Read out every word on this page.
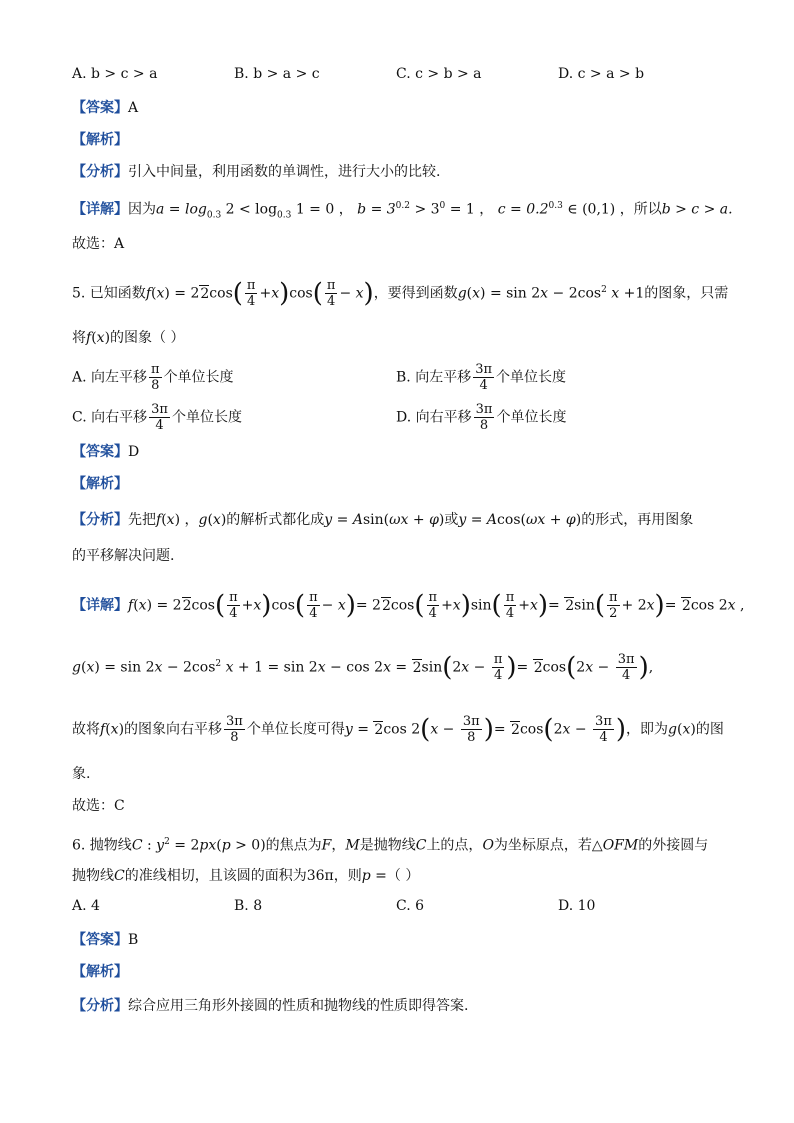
A. b > c > a	B. b > a > c	C. c > b > a	D. c > a > b
【答案】A
【解析】
【分析】引入中间量，利用函数的单调性，进行大小的比较.
【详解】因为$a = \log_{0.3} 2 < \log_{0.3} 1 = 0$ ， $b = 3^{0.2} > 3^0 = 1$ ， $c = 0.2^{0.3}$ ∈ (0,1) ，所以b > c > a.
故选：A
5. 已知函数$f(x) = 22\cos( \frac{\pi}{4} +x)\cos( \frac{\pi}{4} - x)$，要得到函数$g(x) = \sin 2x - 2\cos^2$ x +1的图象，只需
将f(x)的图象（ ）
A. 向左平移 $\frac{\pi}{8}$ 个单位长度	B. 向左平移 $\frac{3\pi}{4}$ 个单位长度
C. 向右平移 $\frac{3\pi}{4}$ 个单位长度	D. 向右平移 $\frac{3\pi}{8}$ 个单位长度
【答案】D
【解析】
【分析】先把f(x) ，g(x)的解析式都化成y = Asin(ωx + φ)或y = Acos(ωx + φ)的形式，再用图象
的平移解决问题.
【详解】$f(x) = 22\cos( \frac{\pi}{4} +x)\cos( \frac{\pi}{4} - x)= 22\cos( \frac{\pi}{4} +x)\sin( \frac{\pi}{4} +x)= 2\sin( \frac{\pi}{2} + 2x)= 2\cos$ 2x ,
$g(x) = \sin 2x - 2\cos^2$ $x + 1 = \sin 2x - \cos 2x = 2\sin(2x - \frac{\pi}{4}$ )= $2\cos(2x - \frac{3\pi}{4}$ ),
故将f(x)的图象向右平移 $\frac{3\pi}{8}$ 个单位长度可得y = 2cos $2(x - \frac{3\pi}{8}$ )= $2\cos(2x - \frac{3\pi}{4}$ )，即为g(x)的图
象.
故选：C
6. 抛物线C : $y^2 = 2px(p > 0)$的焦点为F，M是抛物线C上的点，O为坐标原点，若△OFM的外接圆与
抛物线C的准线相切，且该圆的面积为36π，则p =（ ）
A. 4	B. 8	C. 6	D. 10
【答案】B
【解析】
【分析】综合应用三角形外接圆的性质和抛物线的性质即得答案.
